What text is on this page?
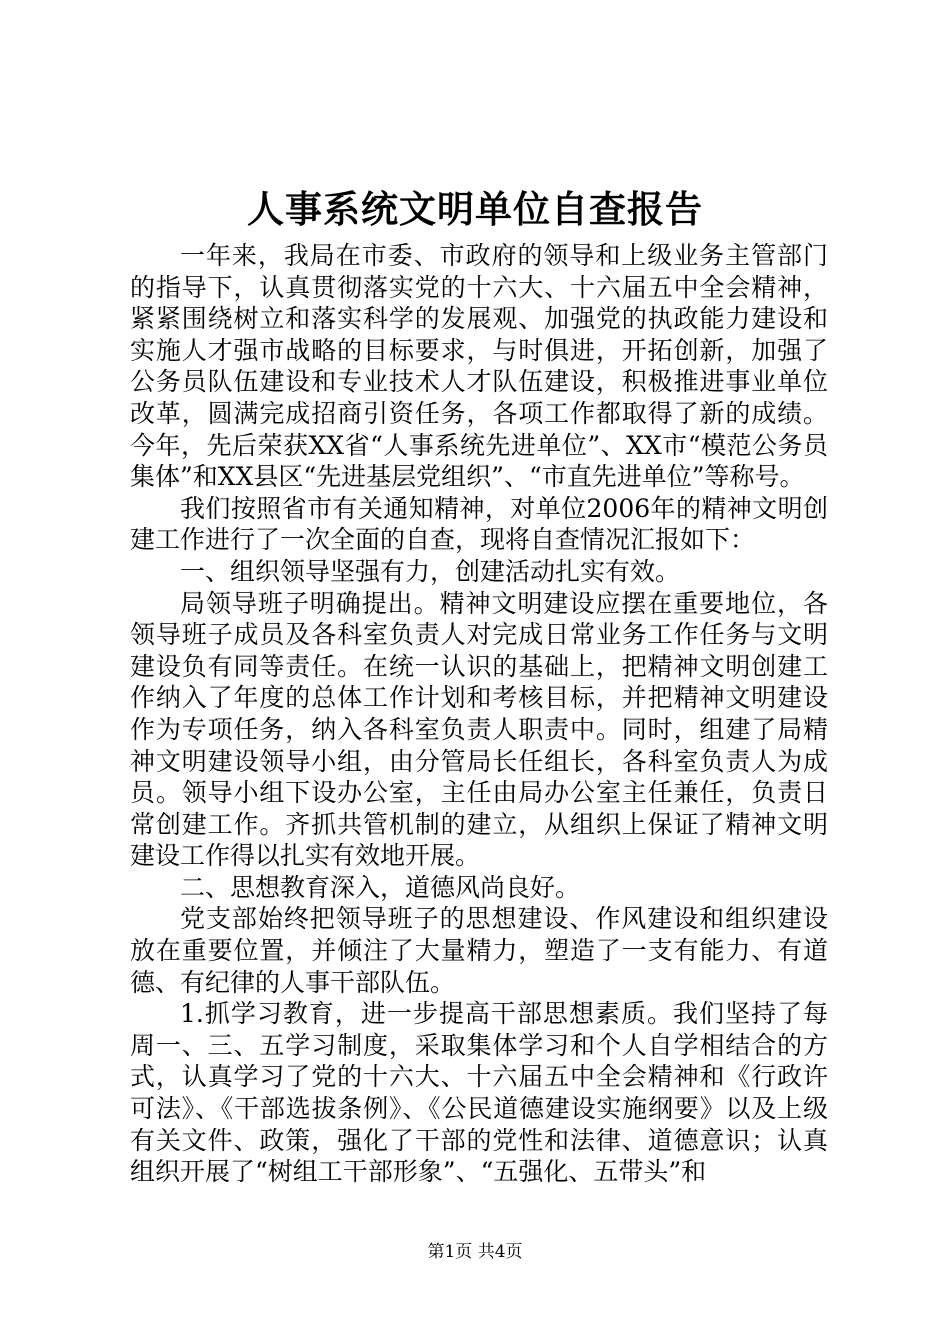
人事系统文明单位自查报告

一年来，我局在市委、市政府的领导和上级业务主管部门的指导下，认真贯彻落实党的十六大、十六届五中全会精神，紧紧围绕树立和落实科学的发展观、加强党的执政能力建设和实施人才强市战略的目标要求，与时俱进，开拓创新，加强了公务员队伍建设和专业技术人才队伍建设，积极推进事业单位改革，圆满完成招商引资任务，各项工作都取得了新的成绩。今年，先后荣获XX省“人事系统先进单位”、XX市“模范公务员集体”和XX县区“先进基层党组织”、“市直先进单位”等称号。

我们按照省市有关通知精神，对单位2006年的精神文明创建工作进行了一次全面的自查，现将自查情况汇报如下：

一、组织领导坚强有力，创建活动扎实有效。

局领导班子明确提出。精神文明建设应摆在重要地位，各领导班子成员及各科室负责人对完成日常业务工作任务与文明建设负有同等责任。在统一认识的基础上，把精神文明创建工作纳入了年度的总体工作计划和考核目标，并把精神文明建设作为专项任务，纳入各科室负责人职责中。同时，组建了局精神文明建设领导小组，由分管局长任组长，各科室负责人为成员。领导小组下设办公室，主任由局办公室主任兼任，负责日常创建工作。齐抓共管机制的建立，从组织上保证了精神文明建设工作得以扎实有效地开展。

二、思想教育深入，道德风尚良好。

党支部始终把领导班子的思想建设、作风建设和组织建设放在重要位置，并倾注了大量精力，塑造了一支有能力、有道德、有纪律的人事干部队伍。

1.抓学习教育，进一步提高干部思想素质。我们坚持了每周一、三、五学习制度，采取集体学习和个人自学相结合的方式，认真学习了党的十六大、十六届五中全会精神和《行政许可法》、《干部选拔条例》、《公民道德建设实施纲要》以及上级有关文件、政策，强化了干部的党性和法律、道德意识；认真组织开展了“树组工干部形象”、“五强化、五带头”和

第1页 共4页
